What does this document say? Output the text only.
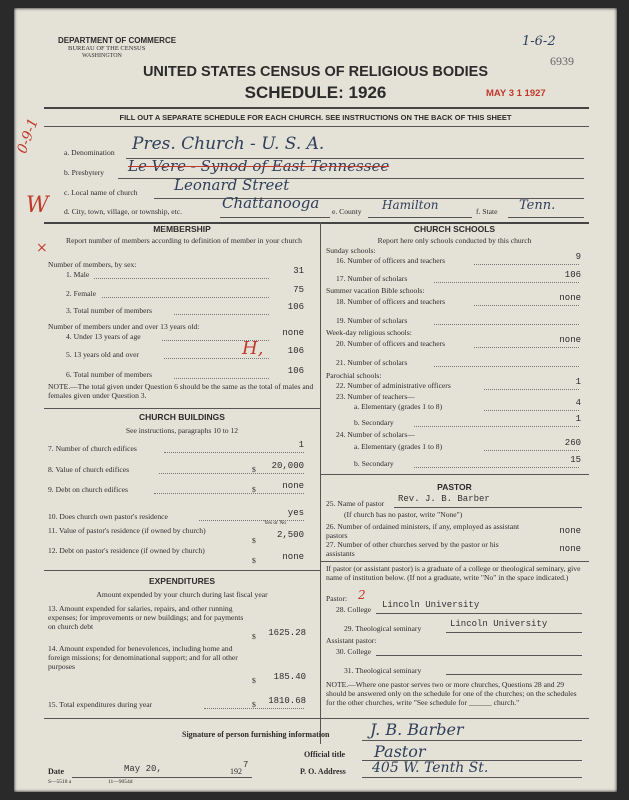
DEPARTMENT OF COMMERCE
BUREAU OF THE CENSUS
WASHINGTON
1-6-2
6939
UNITED STATES CENSUS OF RELIGIOUS BODIES
SCHEDULE: 1926	MAY 3 1 1927
FILL OUT A SEPARATE SCHEDULE FOR EACH CHURCH. SEE INSTRUCTIONS ON THE BACK OF THIS SHEET
0-9-1	a. Denomination Pres. Church - U. S. A.
b. Presbytery Le Vere - Synod of East Tennessee
c. Local name of church Leonard Street
d. City, town, village, or township, etc.	Chattanooga e. County Hamilton	f. State Tenn.
W
×
MEMBERSHIP
Report number of members according to definition of member in your church
Number of members, by sex:
1. Male	31
2. Female	75
3. Total number of members	106
Number of members under and over 13 years old:
4. Under 13 years of age	none
5. 13 years old and over	106
H,
6. Total number of members	106
NOTE.—The total given under Question 6 should be the same as the total of males and females given under Question 3.
CHURCH BUILDINGS
See instructions, paragraphs 10 to 12
7. Number of church edifices	1
8. Value of church edifices	$	20,000
9. Debt on church edifices	$	none
10. Does church own pastor's residence	yes
Yes or No
11. Value of pastor's residence (if owned by church)
$
2,500
12. Debt on pastor's residence (if owned by church)
$	none
EXPENDITURES
Amount expended by your church during last fiscal year
13. Amount expended for salaries, repairs, and other running expenses; for improvements or new buildings; and for payments on church debt
$	1625.28
14. Amount expended for benevolences, including home and foreign missions; for denominational support; and for all other purposes
$	185.40
15. Total expenditures during year	$	1810.68
CHURCH SCHOOLS
Report here only schools conducted by this church
Sunday schools:
16. Number of officers and teachers	9
17. Number of scholars	106
Summer vacation Bible schools:
18. Number of officers and teachers	none
19. Number of scholars
Week-day religious schools:
20. Number of officers and teachers	none
21. Number of scholars
Parochial schools:
22. Number of administrative officers	1
23. Number of teachers—
a. Elementary (grades 1 to 8)	4
b. Secondary	1
24. Number of scholars—
a. Elementary (grades 1 to 8)	260
b. Secondary	15
PASTOR
25. Name of pastor Rev. J. B. Barber
(If church has no pastor, write "None")
26. Number of ordained ministers, if any, employed as assistant pastors	none
27. Number of other churches served by the pastor or his assistants	none
If pastor (or assistant pastor) is a graduate of a college or theological seminary, give name of institution below. (If not a graduate, write "No" in the space indicated.)
Pastor: 2
28. College Lincoln University
29. Theological seminary	Lincoln University
Assistant pastor:
30. College
31. Theological seminary
NOTE.—Where one pastor serves two or more churches, Questions 28 and 29 should be answered only on the schedule for one of the churches; on the schedules for the other churches, write "See schedule for ______ church."
Signature of person furnishing information	J. B. Barber
Official title Pastor
Date	May 20,	192
7
P. O. Address 405 W. Tenth St.
S—5518 a	11—9054d
